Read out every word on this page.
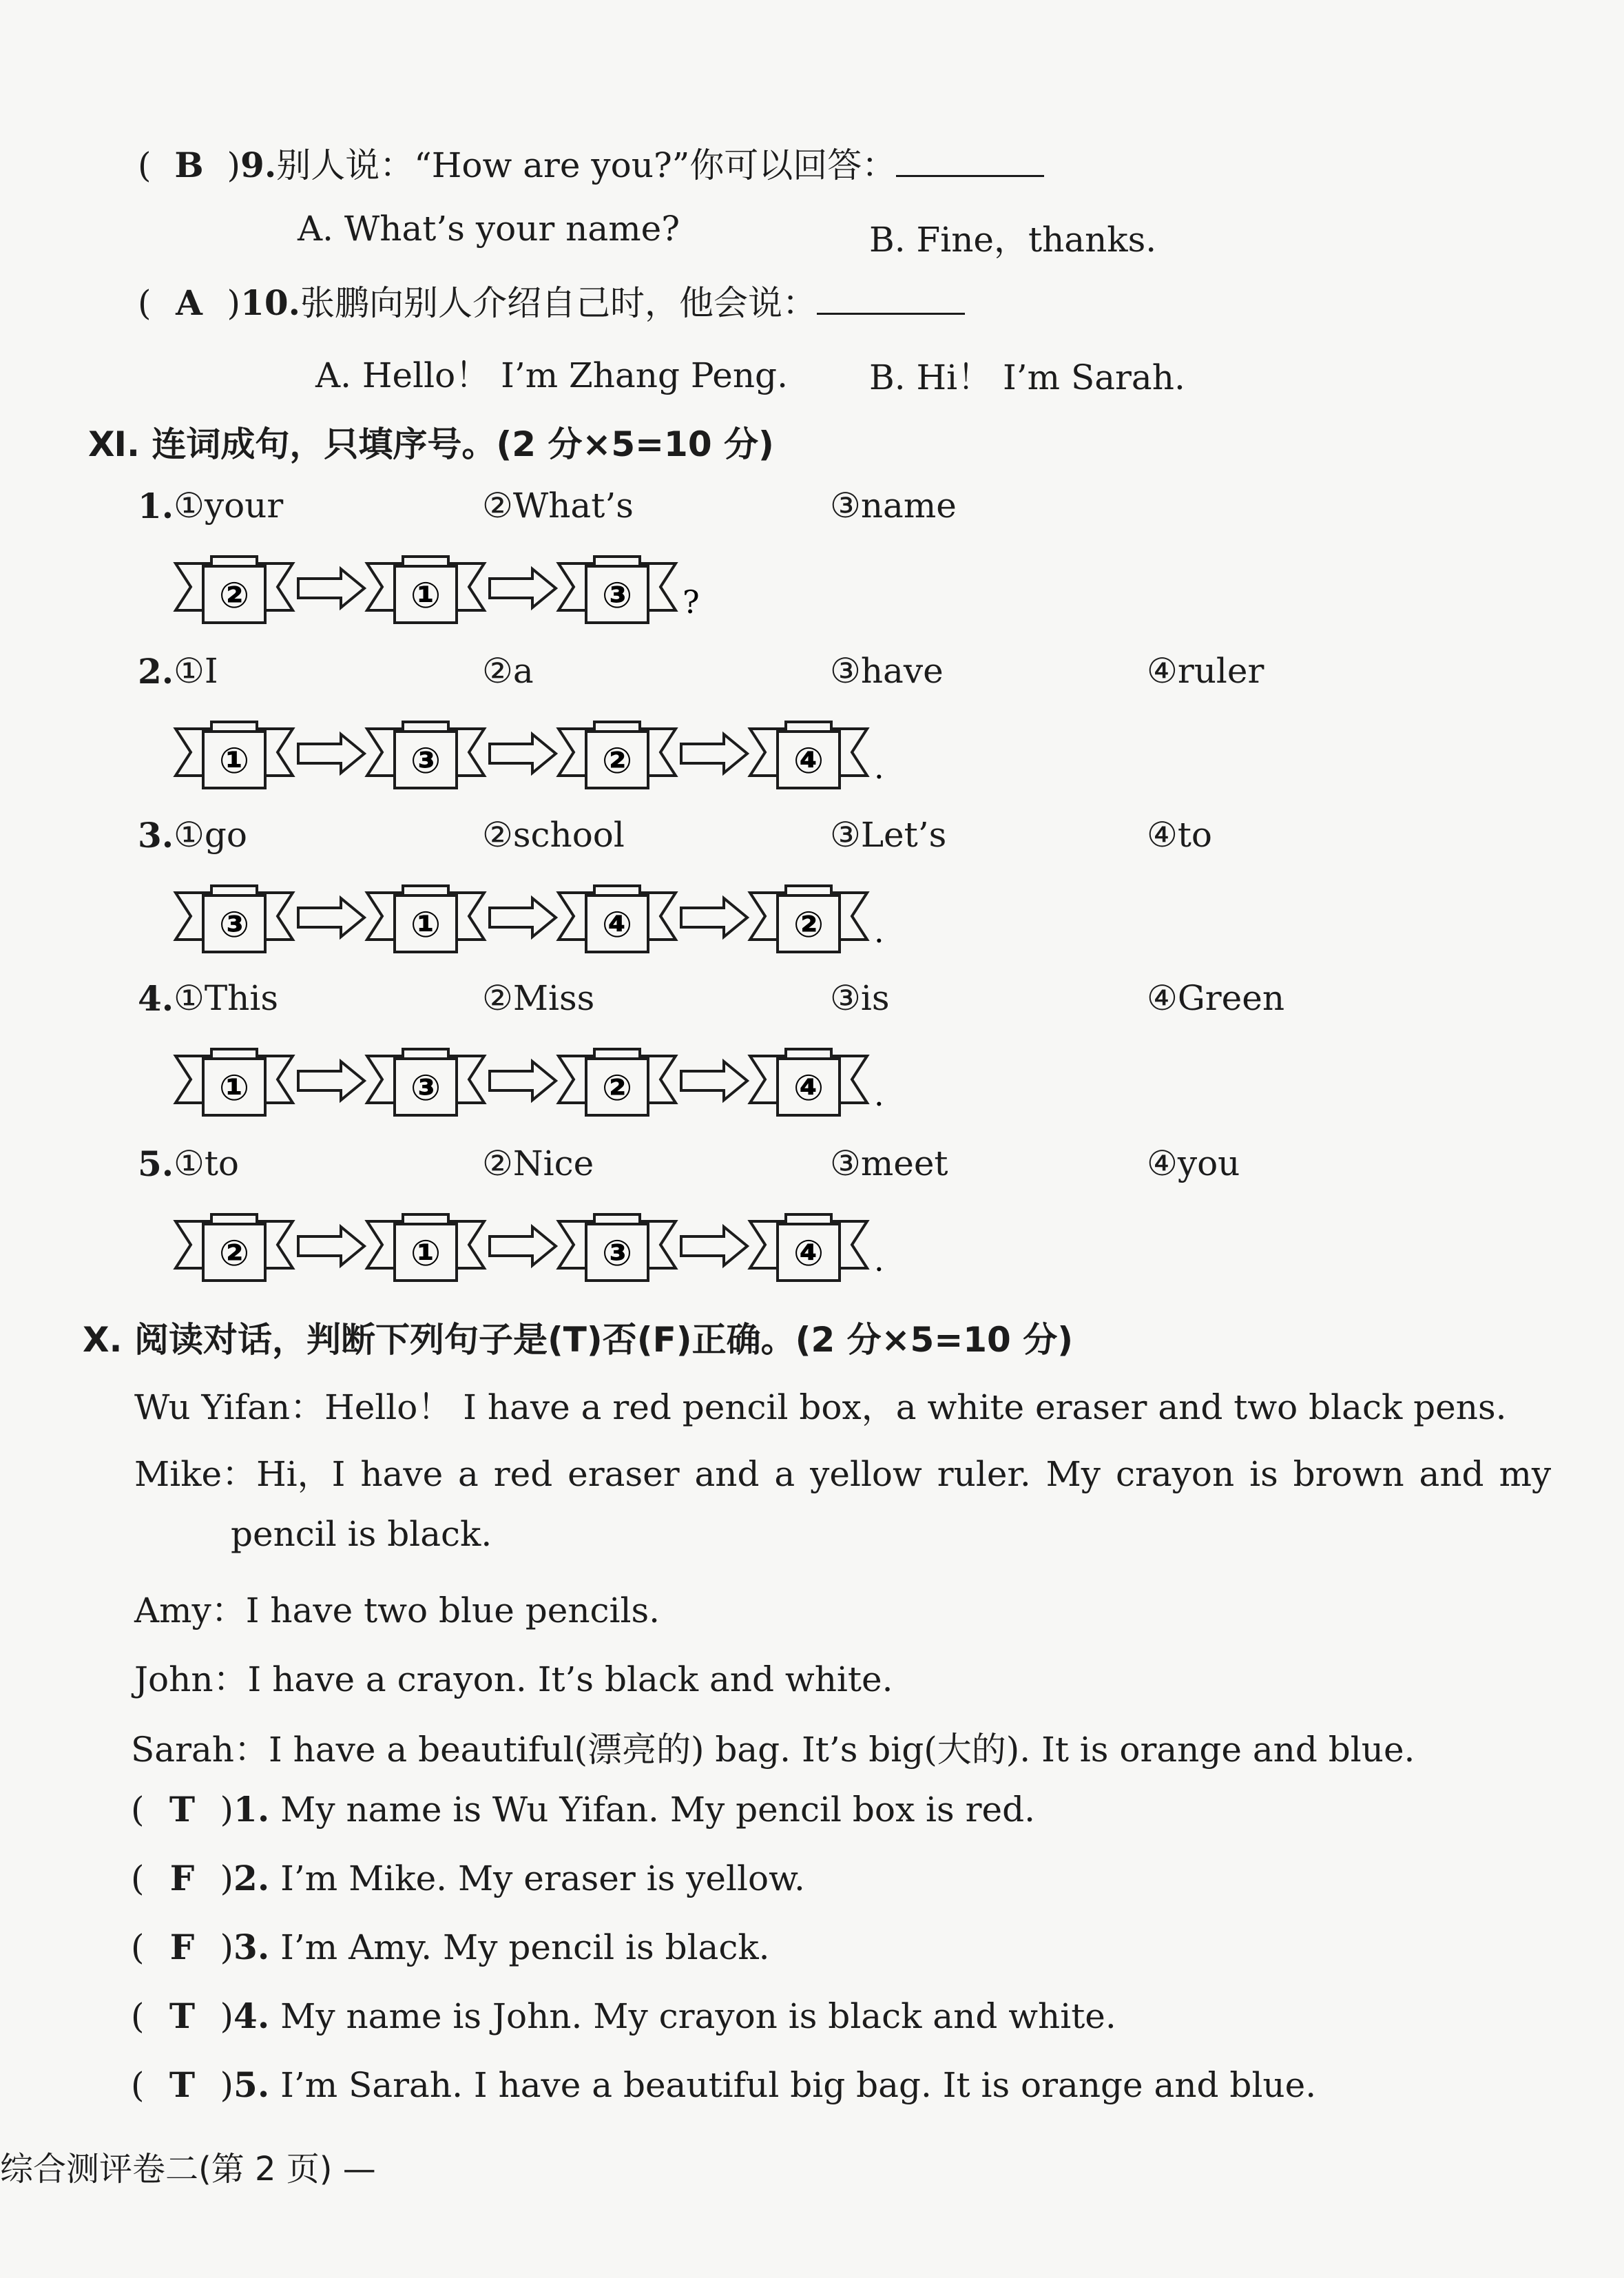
( B )9.别人说：“How are you?”你可以回答：
A. What’s your name?	B. Fine，thanks.
( A )10.张鹏向别人介绍自己时，他会说：
A. Hello！ I’m Zhang Peng. B. Hi！ I’m Sarah.
Ⅺ. 连词成句，只填序号。(2 分×5=10 分)
1. ①your	②What’s	③name
②	①	③ ?
2. ①I	②a	③have	④ruler
①	③	②	④ .
3. ①go	②school	③Let’s	④to
③	①	④	② .
4. ①This	②Miss	③is	④Green
①	③	②	④ .
5. ①to	②Nice	③meet	④you
②	①	③	④ .
Ⅹ. 阅读对话，判断下列句子是(T)否(F)正确。(2 分×5=10 分)
Wu Yifan：Hello！ I have a red pencil box，a white eraser and two black pens.
Mike：Hi，I have a red eraser and a yellow ruler. My crayon is brown and my
pencil is black.
Amy：I have two blue pencils.
John：I have a crayon. It’s black and white.
Sarah：I have a beautiful(漂亮的) bag. It’s big(大的). It is orange and blue.
( T )1. My name is Wu Yifan. My pencil box is red.
( F )2. I’m Mike. My eraser is yellow.
( F )3. I’m Amy. My pencil is black.
( T )4. My name is John. My crayon is black and white.
( T )5. I’m Sarah. I have a beautiful big bag. It is orange and blue.
综合测评卷二(第 2 页) —
